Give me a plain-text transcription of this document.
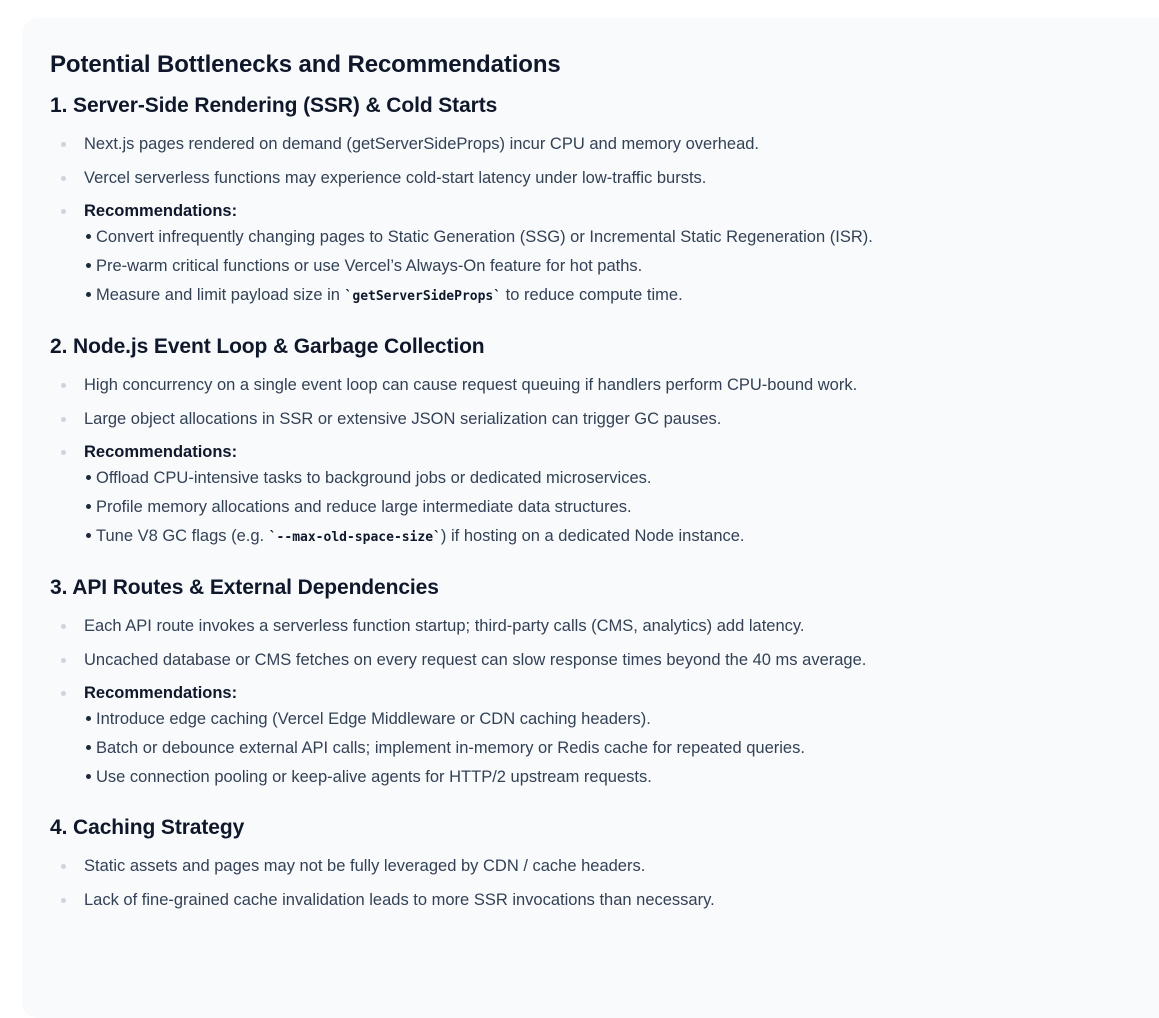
Potential Bottlenecks and Recommendations
1. Server-Side Rendering (SSR) & Cold Starts
Next.js pages rendered on demand (getServerSideProps) incur CPU and memory overhead.
Vercel serverless functions may experience cold-start latency under low-traffic bursts.
Recommendations:
Convert infrequently changing pages to Static Generation (SSG) or Incremental Static Regeneration (ISR).
Pre-warm critical functions or use Vercel’s Always-On feature for hot paths.
Measure and limit payload size in `getServerSideProps` to reduce compute time.
2. Node.js Event Loop & Garbage Collection
High concurrency on a single event loop can cause request queuing if handlers perform CPU-bound work.
Large object allocations in SSR or extensive JSON serialization can trigger GC pauses.
Recommendations:
Offload CPU-intensive tasks to background jobs or dedicated microservices.
Profile memory allocations and reduce large intermediate data structures.
Tune V8 GC flags (e.g. `--max-old-space-size`) if hosting on a dedicated Node instance.
3. API Routes & External Dependencies
Each API route invokes a serverless function startup; third-party calls (CMS, analytics) add latency.
Uncached database or CMS fetches on every request can slow response times beyond the 40 ms average.
Recommendations:
Introduce edge caching (Vercel Edge Middleware or CDN caching headers).
Batch or debounce external API calls; implement in-memory or Redis cache for repeated queries.
Use connection pooling or keep-alive agents for HTTP/2 upstream requests.
4. Caching Strategy
Static assets and pages may not be fully leveraged by CDN / cache headers.
Lack of fine-grained cache invalidation leads to more SSR invocations than necessary.
